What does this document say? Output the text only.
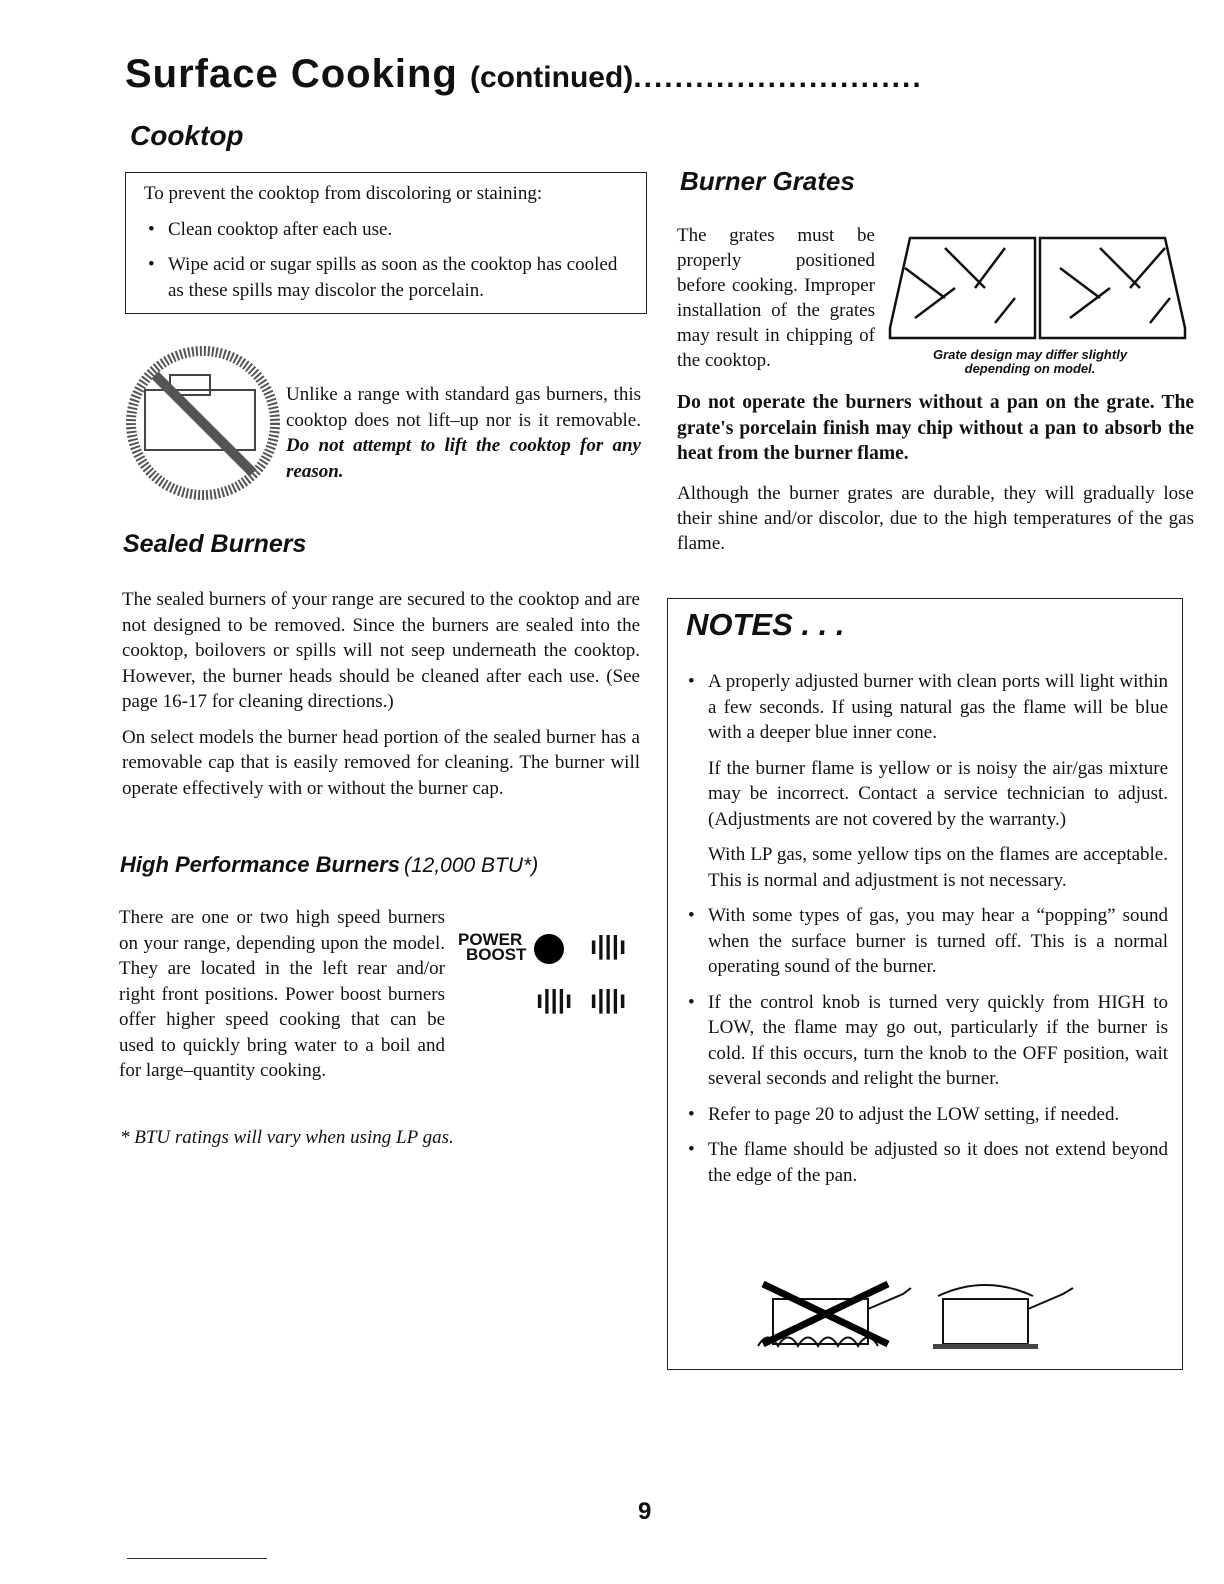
Surface Cooking (continued)............................
Cooktop

To prevent the cooktop from discoloring or staining:

• Clean cooktop after each use.
• Wipe acid or sugar spills as soon as the cooktop has cooled as these spills may discolor the porcelain.
Unlike a range with standard gas burners, this cooktop does not lift–up nor is it removable. Do not attempt to lift the cooktop for any reason.
Sealed Burners

The sealed burners of your range are secured to the cooktop and are not designed to be removed. Since the burners are sealed into the cooktop, boilovers or spills will not seep underneath the cooktop. However, the burner heads should be cleaned after each use. (See page 16-17 for cleaning directions.)

On select models the burner head portion of the sealed burner has a removable cap that is easily removed for cleaning. The burner will operate effectively with or without the burner cap.

High Performance Burners (12,000 BTU*)
There are one or two high speed burners on your range, depending upon the model. They are located in the left rear and/or right front positions. Power boost burners offer higher speed cooking that can be used to quickly bring water to a boil and for large–quantity cooking.
* BTU ratings will vary when using LP gas.
POWER
BOOST ı|||ı
ı|||ı ı|||ı
Burner Grates
The grates must be properly positioned before cooking. Improper installation of the grates may result in chipping of the cooktop.	Grate design may differ slightly
depending on model.
Do not operate the burners without a pan on the grate. The grate's porcelain finish may chip without a pan to absorb the heat from the burner flame.
Although the burner grates are durable, they will gradually lose their shine and/or discolor, due to the high temperatures of the gas flame.
NOTES . . .

• A properly adjusted burner with clean ports will light within a few seconds. If using natural gas the flame will be blue with a deeper blue inner cone.

If the burner flame is yellow or is noisy the air/gas mixture may be incorrect. Contact a service technician to adjust. (Adjustments are not covered by the warranty.)

With LP gas, some yellow tips on the flames are acceptable. This is normal and adjustment is not necessary.

• With some types of gas, you may hear a “popping” sound when the surface burner is turned off. This is a normal operating sound of the burner.
• If the control knob is turned very quickly from HIGH to LOW, the flame may go out, particularly if the burner is cold. If this occurs, turn the knob to the OFF position, wait several seconds and relight the burner.
• Refer to page 20 to adjust the LOW setting, if needed.
• The flame should be adjusted so it does not extend beyond the edge of the pan.
9
